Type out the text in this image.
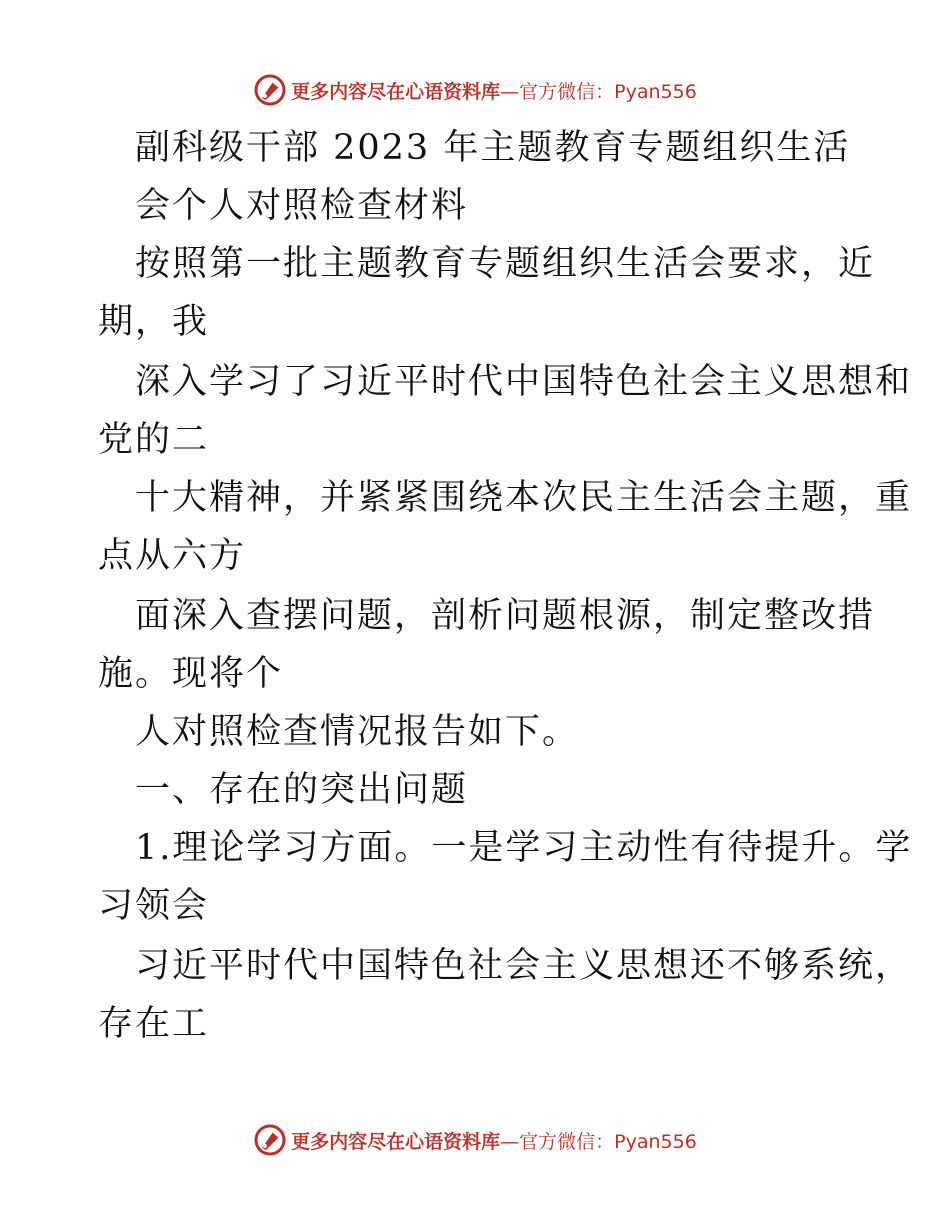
更多内容尽在心语资料库 —官方微信：Pyan556
副科级干部 2023 年主题教育专题组织生活
会个人对照检查材料
按照第一批主题教育专题组织生活会要求，近
期，我
深入学习了习近平时代中国特色社会主义思想和
党的二
十大精神，并紧紧围绕本次民主生活会主题，重
点从六方
面深入查摆问题，剖析问题根源，制定整改措
施。现将个
人对照检查情况报告如下。
一、存在的突出问题
1.理论学习方面。一是学习主动性有待提升。学
习领会
习近平时代中国特色社会主义思想还不够系统，
存在工
更多内容尽在心语资料库 —官方微信：Pyan556
